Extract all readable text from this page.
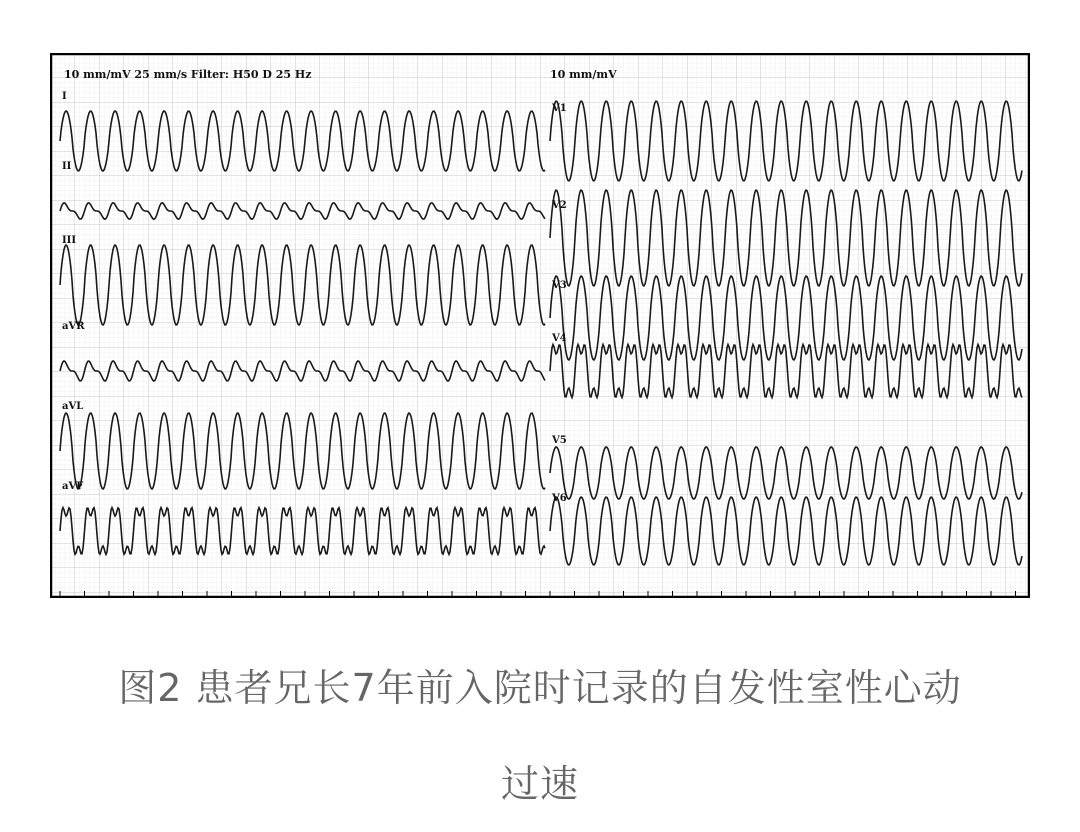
10 mm/mV 25 mm/s Filter: H50 D 25 Hz	10 mm/mV
I
II
III
aVR
aVL
aVF
V1
V2
V3
V4
V5
V6
图2 患者兄长7年前入院时记录的自发性室性心动
过速
